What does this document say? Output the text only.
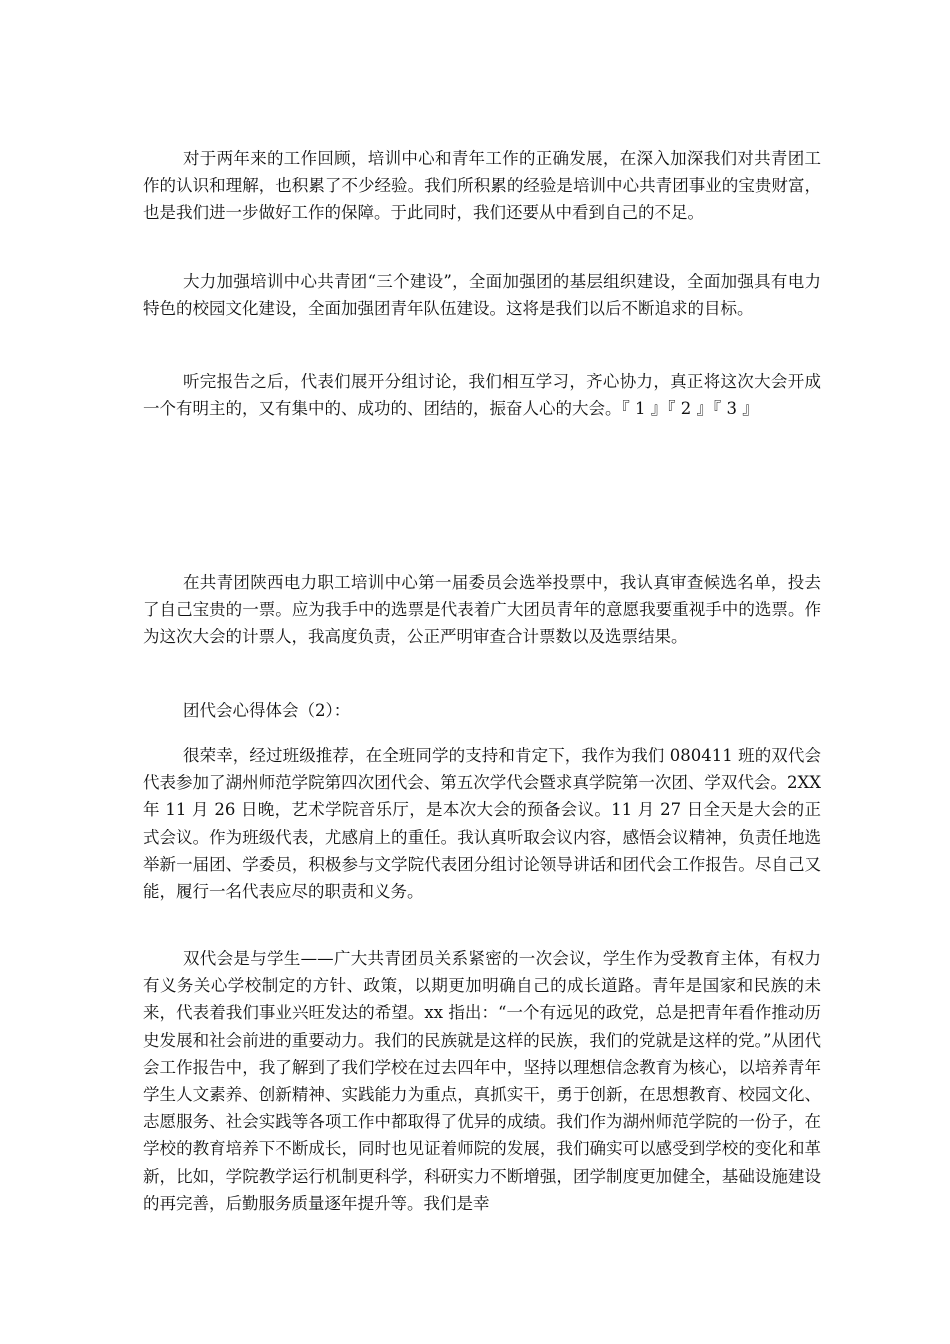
对于两年来的工作回顾，培训中心和青年工作的正确发展，在深入加深我们对共青团工作的认识和理解，也积累了不少经验。我们所积累的经验是培训中心共青团事业的宝贵财富，也是我们进一步做好工作的保障。于此同时，我们还要从中看到自己的不足。

大力加强培训中心共青团“三个建设”，全面加强团的基层组织建设，全面加强具有电力特色的校园文化建设，全面加强团青年队伍建设。这将是我们以后不断追求的目标。

听完报告之后，代表们展开分组讨论，我们相互学习，齐心协力，真正将这次大会开成一个有明主的，又有集中的、成功的、团结的，振奋人心的大会。『 1 』『 2 』『 3 』

在共青团陕西电力职工培训中心第一届委员会选举投票中，我认真审查候选名单，投去了自己宝贵的一票。应为我手中的选票是代表着广大团员青年的意愿我要重视手中的选票。作为这次大会的计票人，我高度负责，公正严明审查合计票数以及选票结果。

团代会心得体会（2）：

很荣幸，经过班级推荐，在全班同学的支持和肯定下，我作为我们 080411 班的双代会代表参加了湖州师范学院第四次团代会、第五次学代会暨求真学院第一次团、学双代会。2XX 年 11 月 26 日晚，艺术学院音乐厅，是本次大会的预备会议。11 月 27 日全天是大会的正式会议。作为班级代表，尤感肩上的重任。我认真听取会议内容，感悟会议精神，负责任地选举新一届团、学委员，积极参与文学院代表团分组讨论领导讲话和团代会工作报告。尽自己又能，履行一名代表应尽的职责和义务。

双代会是与学生——广大共青团员关系紧密的一次会议，学生作为受教育主体，有权力有义务关心学校制定的方针、政策，以期更加明确自己的成长道路。青年是国家和民族的未来，代表着我们事业兴旺发达的希望。xx 指出：“一个有远见的政党，总是把青年看作推动历史发展和社会前进的重要动力。我们的民族就是这样的民族，我们的党就是这样的党。”从团代会工作报告中，我了解到了我们学校在过去四年中，坚持以理想信念教育为核心，以培养青年学生人文素养、创新精神、实践能力为重点，真抓实干，勇于创新，在思想教育、校园文化、志愿服务、社会实践等各项工作中都取得了优异的成绩。我们作为湖州师范学院的一份子，在学校的教育培养下不断成长，同时也见证着师院的发展，我们确实可以感受到学校的变化和革新，比如，学院教学运行机制更科学，科研实力不断增强，团学制度更加健全，基础设施建设的再完善，后勤服务质量逐年提升等。我们是幸
